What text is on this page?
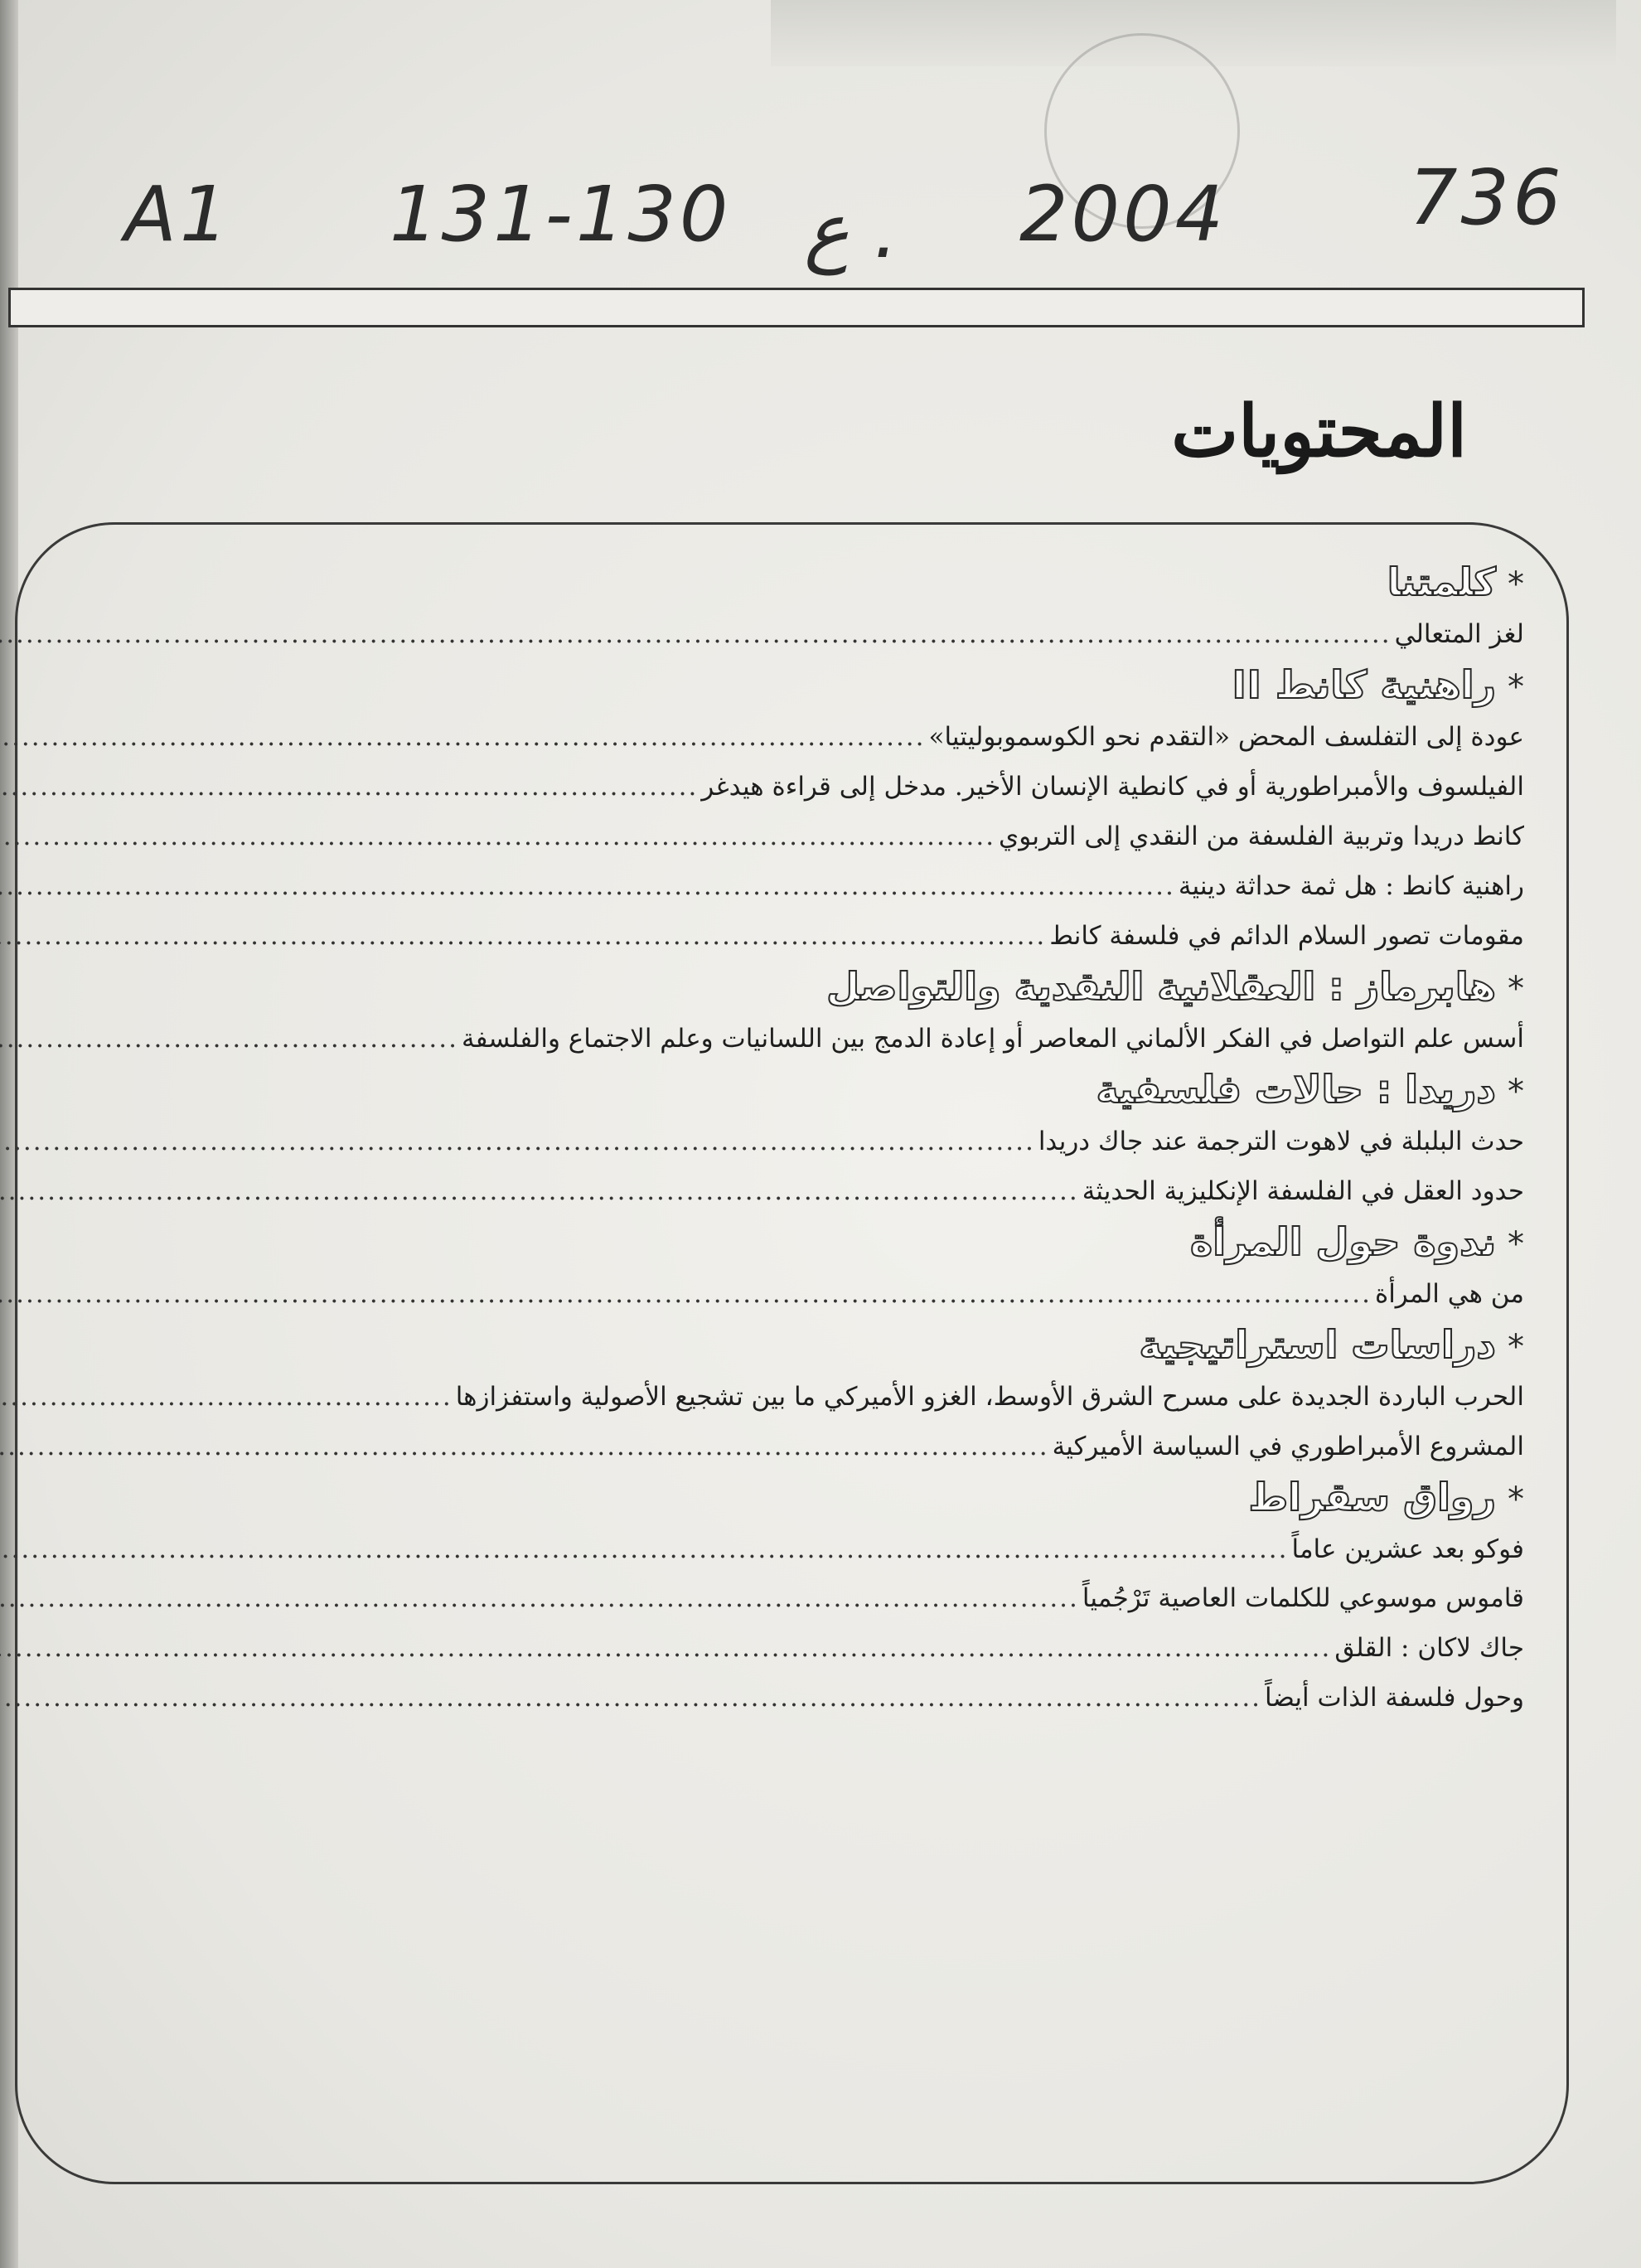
A1 131-130 ع . 2004 736
المحتويات
*كلمتنا
لغز المتعالي
.....
*راهنية كانط II
عودة إلى التفلسف المحض «التقدم نحو الكوسموبوليتيا»
.....
الفيلسوف والأمبراطورية أو في كانطية الإنسان الأخير. مدخل إلى قراءة هيدغر
.....
كانط دريدا وتربية الفلسفة من النقدي إلى التربوي
.....
راهنية كانط : هل ثمة حداثة دينية
.....
مقومات تصور السلام الدائم في فلسفة كانط
.....
*هابرماز : العقلانية النقدية والتواصل
أسس علم التواصل في الفكر الألماني المعاصر أو إعادة الدمج بين اللسانيات وعلم الاجتماع والفلسفة
.....
*دريدا : حالات فلسفية
حدث البلبلة في لاهوت الترجمة عند جاك دريدا
.....
حدود العقل في الفلسفة الإنكليزية الحديثة
.....
*ندوة حول المرأة
من هي المرأة
.....
*دراسات استراتيجية
الحرب الباردة الجديدة على مسرح الشرق الأوسط، الغزو الأميركي ما بين تشجيع الأصولية واستفزازها
.....
المشروع الأمبراطوري في السياسة الأميركية
.....
*رواق سقراط
فوكو بعد عشرين عاماً
.....
قاموس موسوعي للكلمات العاصية تَرْجُمياً
.....
جاك لاكان : القلق
.....
وحول فلسفة الذات أيضاً
.....
